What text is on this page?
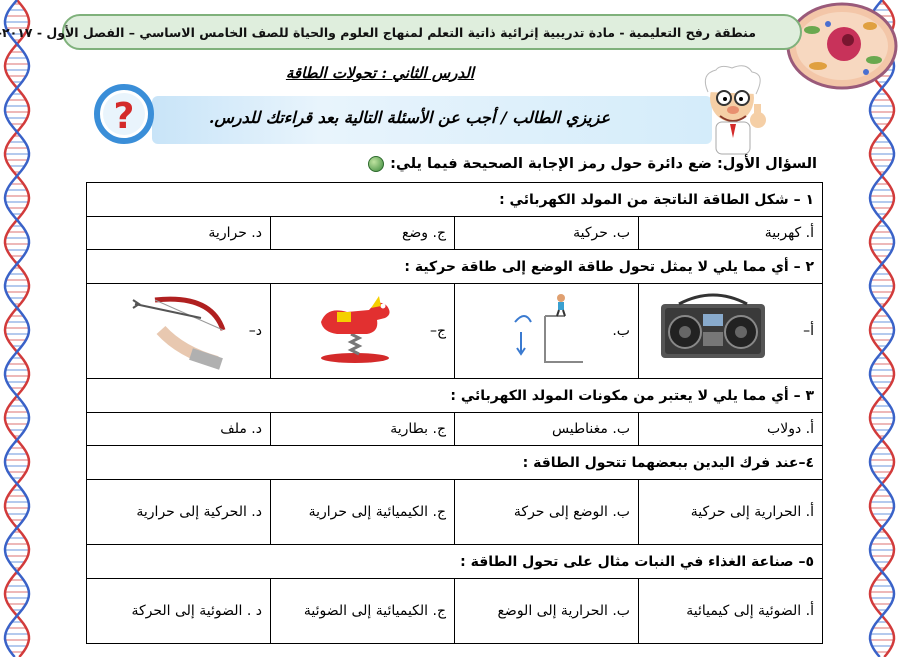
منطقة رفح التعليمية - مادة تدريبية إثرائية ذاتية التعلم لمنهاج العلوم والحياة للصف الخامس الاساسي – الفصل الأول - ٢٠١٧
الدرس الثاني : تحولات الطاقة
?	عزيزي الطالب / أجب عن الأسئلة التالية بعد قراءتك للدرس.
السؤال الأول: ضع دائرة حول رمز الإجابة الصحيحة فيما يلي:
١ – شكل الطاقة الناتجة من المولد الكهربائي :			
أ. كهربية	ب. حركية	ج. وضع	د. حرارية
٢ – أي مما يلي لا يمثل تحول طاقة الوضع إلى طاقة حركية :			

أ–	ب.	ج–	د–
٣ – أي مما يلي لا يعتبر من مكونات المولد الكهربائي :			
أ. دولاب	ب. مغناطيس	ج. بطارية	د. ملف
٤–عند فرك اليدين ببعضهما تتحول الطاقة :			
أ. الحرارية إلى حركية	ب. الوضع إلى حركة	ج. الكيميائية إلى حرارية	د. الحركية إلى حرارية
٥– صناعة الغذاء في النبات مثال على تحول الطاقة :			
أ. الضوئية إلى كيميائية	ب. الحرارية إلى الوضع	ج. الكيميائية إلى الضوئية	د . الضوئية إلى الحركة
